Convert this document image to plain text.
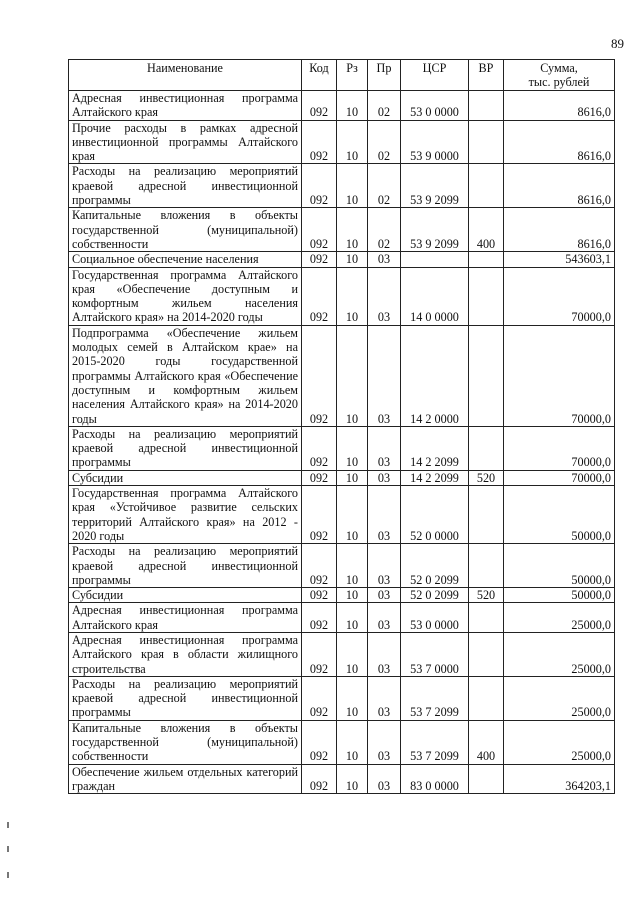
89
Наименование	Код	Рз	Пр	ЦСР	ВР	Сумма,
тыс. рублей

Адресная инвестиционная программа Алтайского края	092	10	02	53 0 0000		8616,0
Прочие расходы в рамках адресной инвестиционной программы Алтайского края	092	10	02	53 9 0000		8616,0
Расходы на реализацию мероприятий краевой адресной инвестиционной программы	092	10	02	53 9 2099		8616,0
Капитальные вложения в объекты государственной (муниципальной) собственности	092	10	02	53 9 2099	400	8616,0
Социальное обеспечение населения	092	10	03			543603,1
Государственная программа Алтайского края «Обеспечение доступным и комфортным жильем населения Алтайского края» на 2014-2020 годы	092	10	03	14 0 0000		70000,0
Подпрограмма «Обеспечение жильем молодых семей в Алтайском крае» на 2015-2020 годы государственной программы Алтайского края «Обеспечение доступным и комфортным жильем населения Алтайского края» на 2014-2020 годы	092	10	03	14 2 0000		70000,0
Расходы на реализацию мероприятий краевой адресной инвестиционной программы	092	10	03	14 2 2099		70000,0
Субсидии	092	10	03	14 2 2099	520	70000,0
Государственная программа Алтайского края «Устойчивое развитие сельских территорий Алтайского края» на 2012 - 2020 годы	092	10	03	52 0 0000		50000,0
Расходы на реализацию мероприятий краевой адресной инвестиционной программы	092	10	03	52 0 2099		50000,0
Субсидии	092	10	03	52 0 2099	520	50000,0
Адресная инвестиционная программа Алтайского края	092	10	03	53 0 0000		25000,0
Адресная инвестиционная программа Алтайского края в области жилищного строительства	092	10	03	53 7 0000		25000,0
Расходы на реализацию мероприятий краевой адресной инвестиционной программы	092	10	03	53 7 2099		25000,0
Капитальные вложения в объекты государственной (муниципальной) собственности	092	10	03	53 7 2099	400	25000,0
Обеспечение жильем отдельных категорий граждан	092	10	03	83 0 0000		364203,1
